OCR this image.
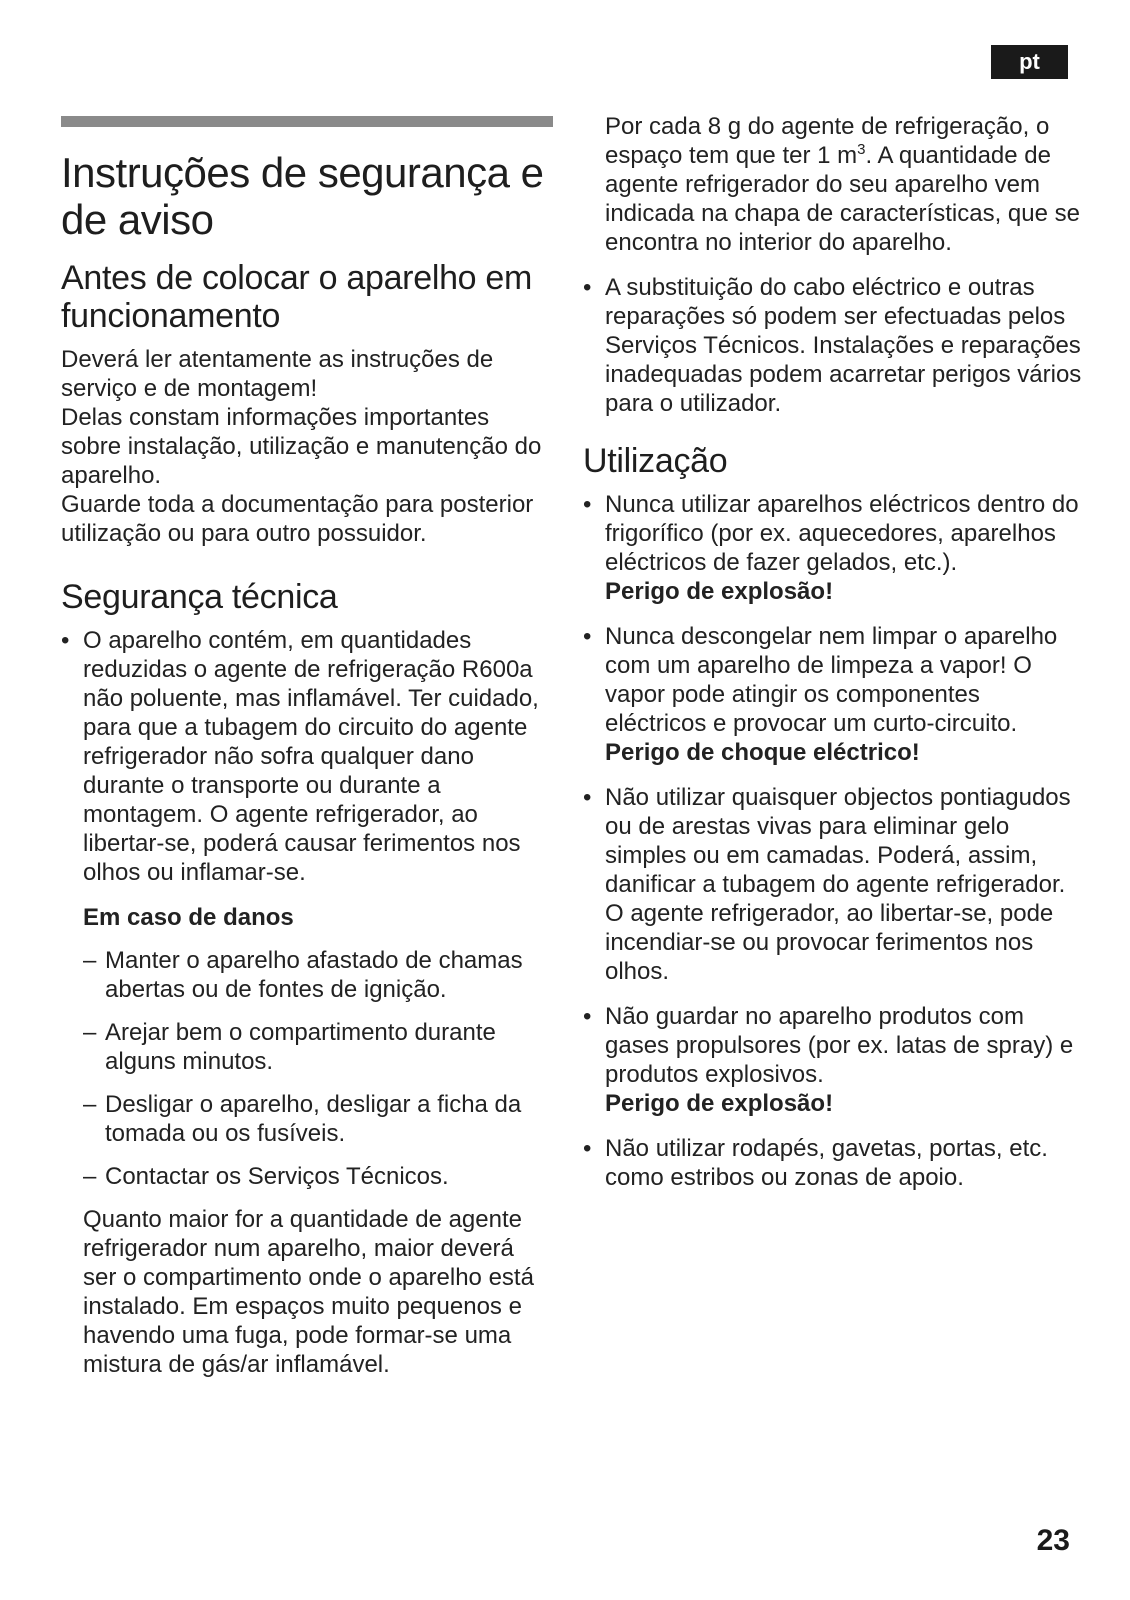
pt
Instruções de segurança e de aviso
Antes de colocar o aparelho em funcionamento

Deverá ler atentamente as instruções de serviço e de montagem!

Delas constam informações importantes sobre instalação, utilização e manutenção do aparelho.

Guarde toda a documentação para posterior utilização ou para outro possuidor.

Segurança técnica
• O aparelho contém, em quantidades reduzidas o agente de refrigeração R600a não poluente, mas inflamável. Ter cuidado, para que a tubagem do circuito do agente refrigerador não sofra qualquer dano durante o transporte ou durante a montagem. O agente refrigerador, ao libertar-se, poderá causar ferimentos nos olhos ou inflamar-se.
Em caso de danos
– Manter o aparelho afastado de chamas abertas ou de fontes de ignição.
– Arejar bem o compartimento durante alguns minutos.
– Desligar o aparelho, desligar a ficha da tomada ou os fusíveis.
– Contactar os Serviços Técnicos.

Quanto maior for a quantidade de agente refrigerador num aparelho, maior deverá ser o compartimento onde o aparelho está instalado. Em espaços muito pequenos e havendo uma fuga, pode formar-se uma mistura de gás/ar inflamável.

Por cada 8 g do agente de refrigeração, o espaço tem que ter 1 $m^3$. A quantidade de agente refrigerador do seu aparelho vem indicada na chapa de características, que se encontra no interior do aparelho.

• A substituição do cabo eléctrico e outras reparações só podem ser efectuadas pelos Serviços Técnicos. Instalações e reparações inadequadas podem acarretar perigos vários para o utilizador.
Utilização
• Nunca utilizar aparelhos eléctricos dentro do frigorífico (por ex. aquecedores, aparelhos eléctricos de fazer gelados, etc.).
Perigo de explosão!
• Nunca descongelar nem limpar o aparelho com um aparelho de limpeza a vapor! O vapor pode atingir os componentes eléctricos e provocar um curto-circuito.
Perigo de choque eléctrico!
• Não utilizar quaisquer objectos pontiagudos ou de arestas vivas para eliminar gelo simples ou em camadas. Poderá, assim, danificar a tubagem do agente refrigerador. O agente refrigerador, ao libertar-se, pode incendiar-se ou provocar ferimentos nos olhos.
• Não guardar no aparelho produtos com gases propulsores (por ex. latas de spray) e produtos explosivos.
Perigo de explosão!
• Não utilizar rodapés, gavetas, portas, etc. como estribos ou zonas de apoio.
23
